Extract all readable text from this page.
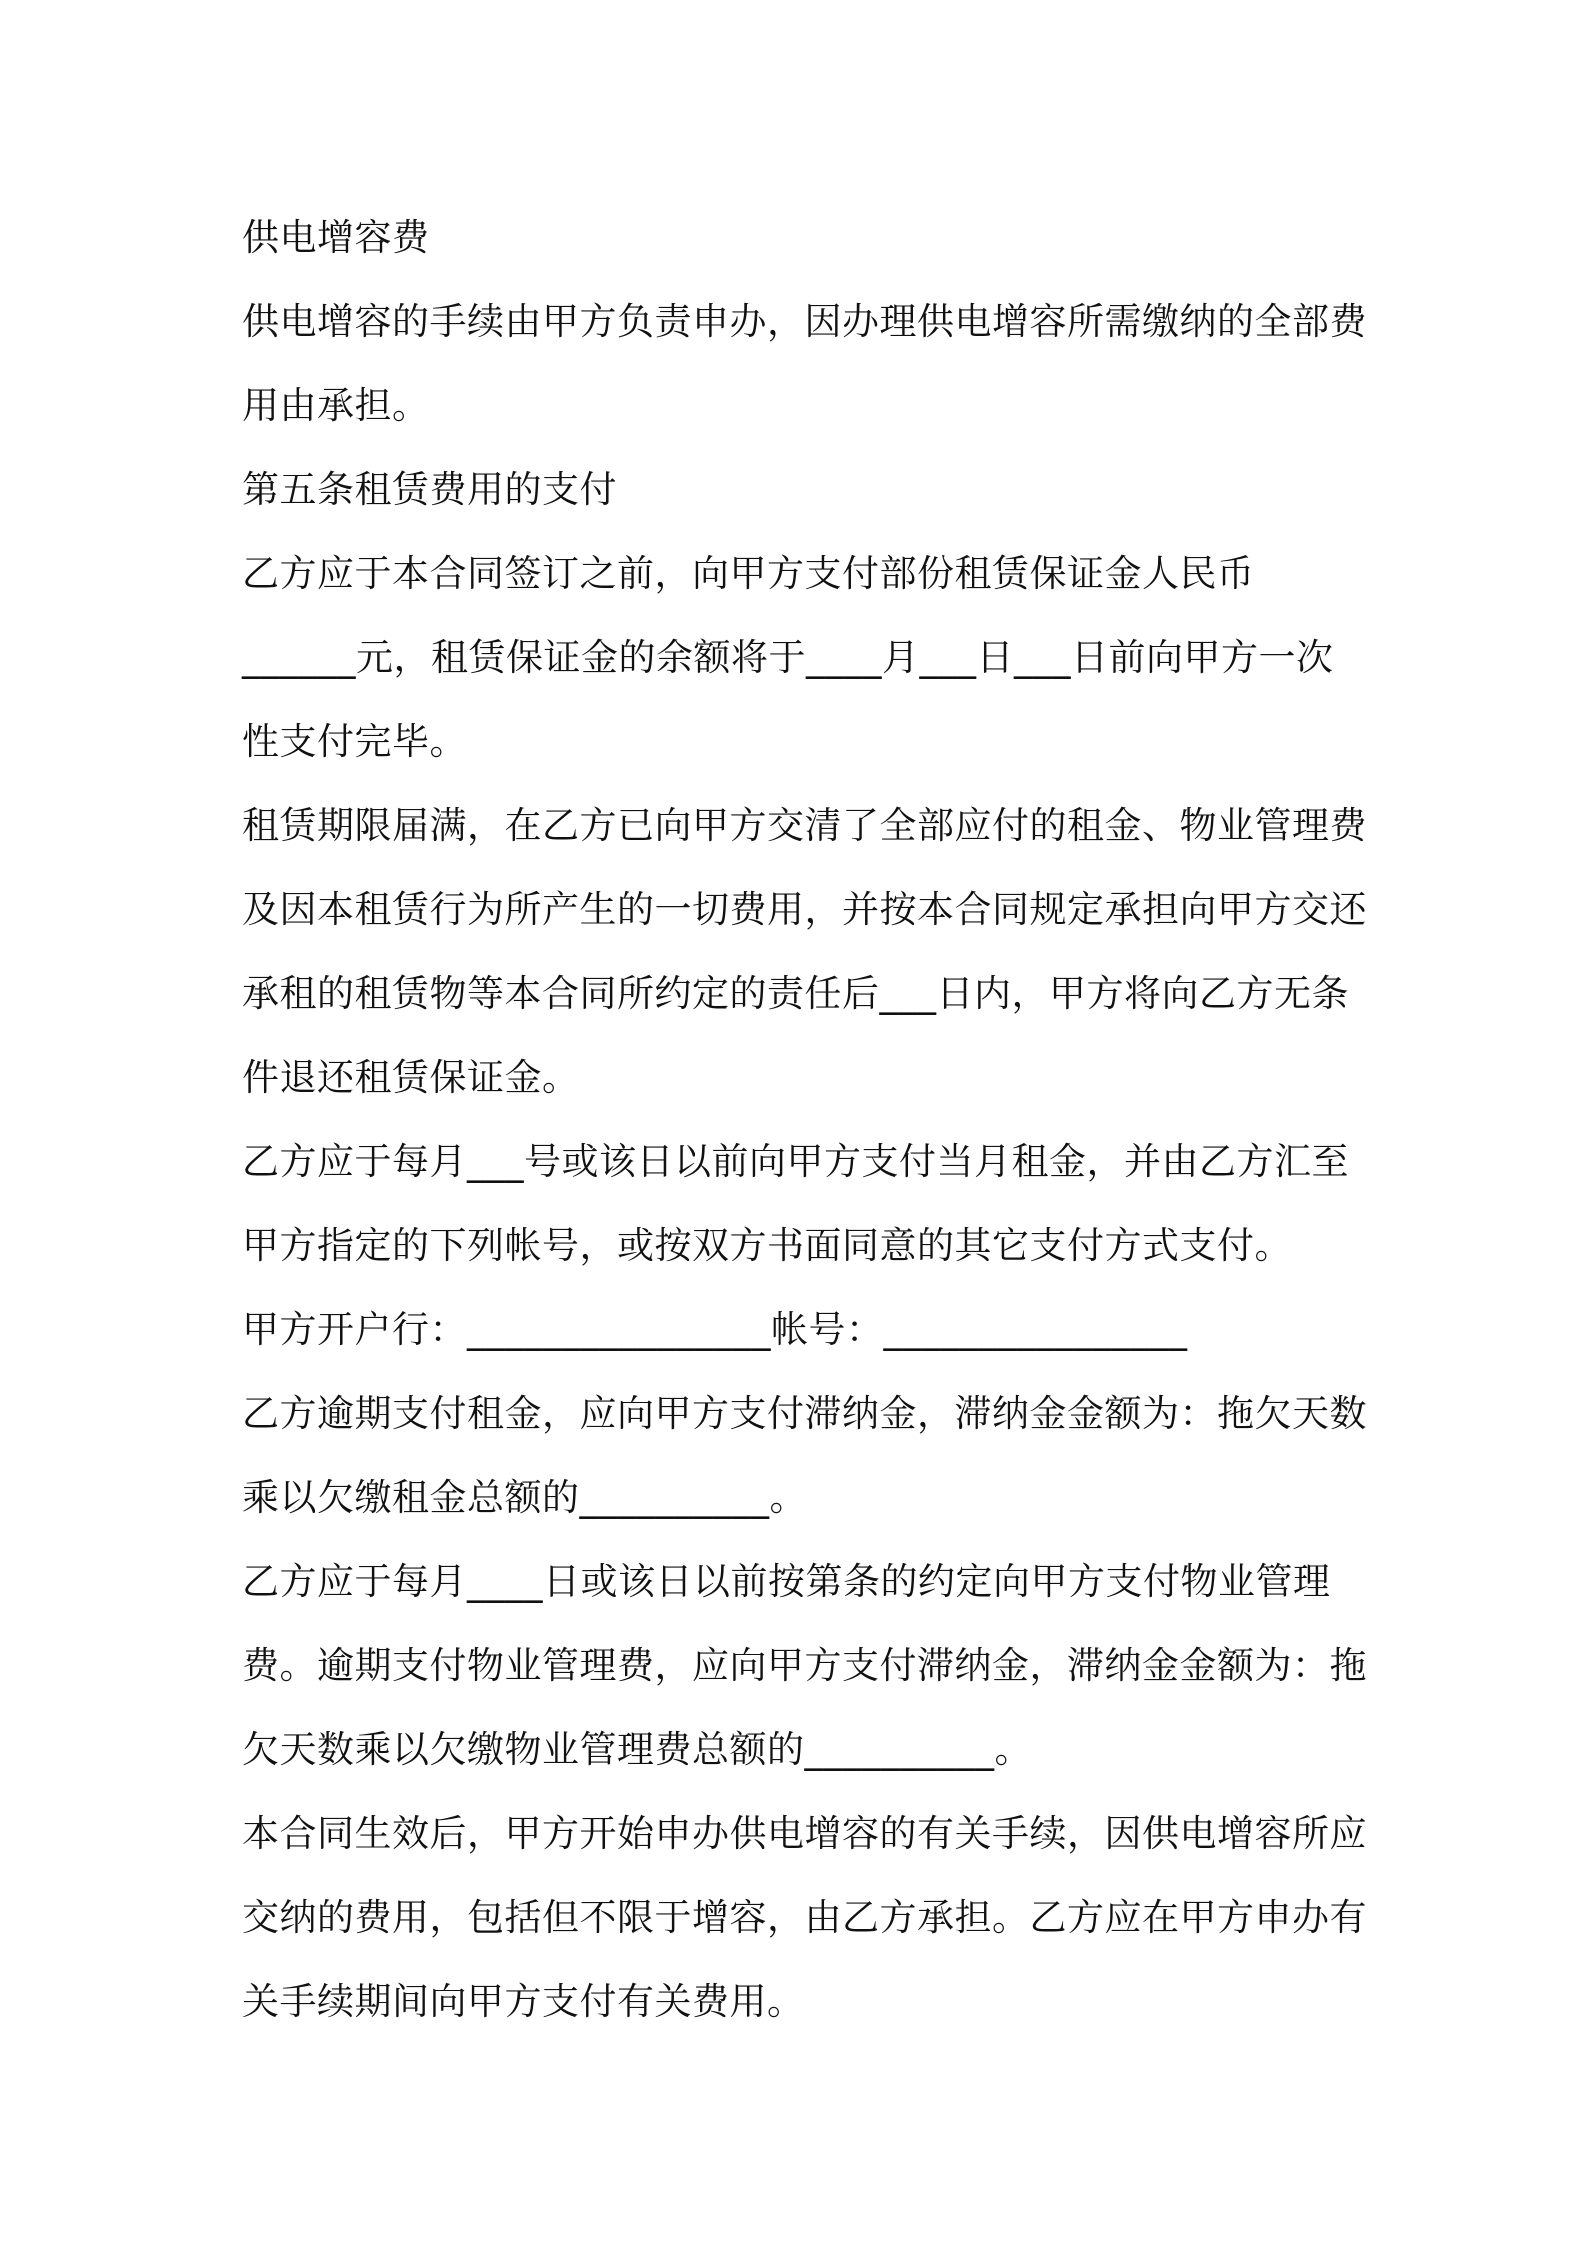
供电增容费
供电增容的手续由甲方负责申办，因办理供电增容所需缴纳的全部费
用由承担。
第五条租赁费用的支付
乙方应于本合同签订之前，向甲方支付部份租赁保证金人民币
______元，租赁保证金的余额将于____月___日___日前向甲方一次
性支付完毕。
租赁期限届满，在乙方已向甲方交清了全部应付的租金、物业管理费
及因本租赁行为所产生的一切费用，并按本合同规定承担向甲方交还
承租的租赁物等本合同所约定的责任后___日内，甲方将向乙方无条
件退还租赁保证金。
乙方应于每月___号或该日以前向甲方支付当月租金，并由乙方汇至
甲方指定的下列帐号，或按双方书面同意的其它支付方式支付。
甲方开户行：________________帐号：________________
乙方逾期支付租金，应向甲方支付滞纳金，滞纳金金额为：拖欠天数
乘以欠缴租金总额的__________。
乙方应于每月____日或该日以前按第条的约定向甲方支付物业管理
费。逾期支付物业管理费，应向甲方支付滞纳金，滞纳金金额为：拖
欠天数乘以欠缴物业管理费总额的__________。
本合同生效后，甲方开始申办供电增容的有关手续，因供电增容所应
交纳的费用，包括但不限于增容，由乙方承担。乙方应在甲方申办有
关手续期间向甲方支付有关费用。
